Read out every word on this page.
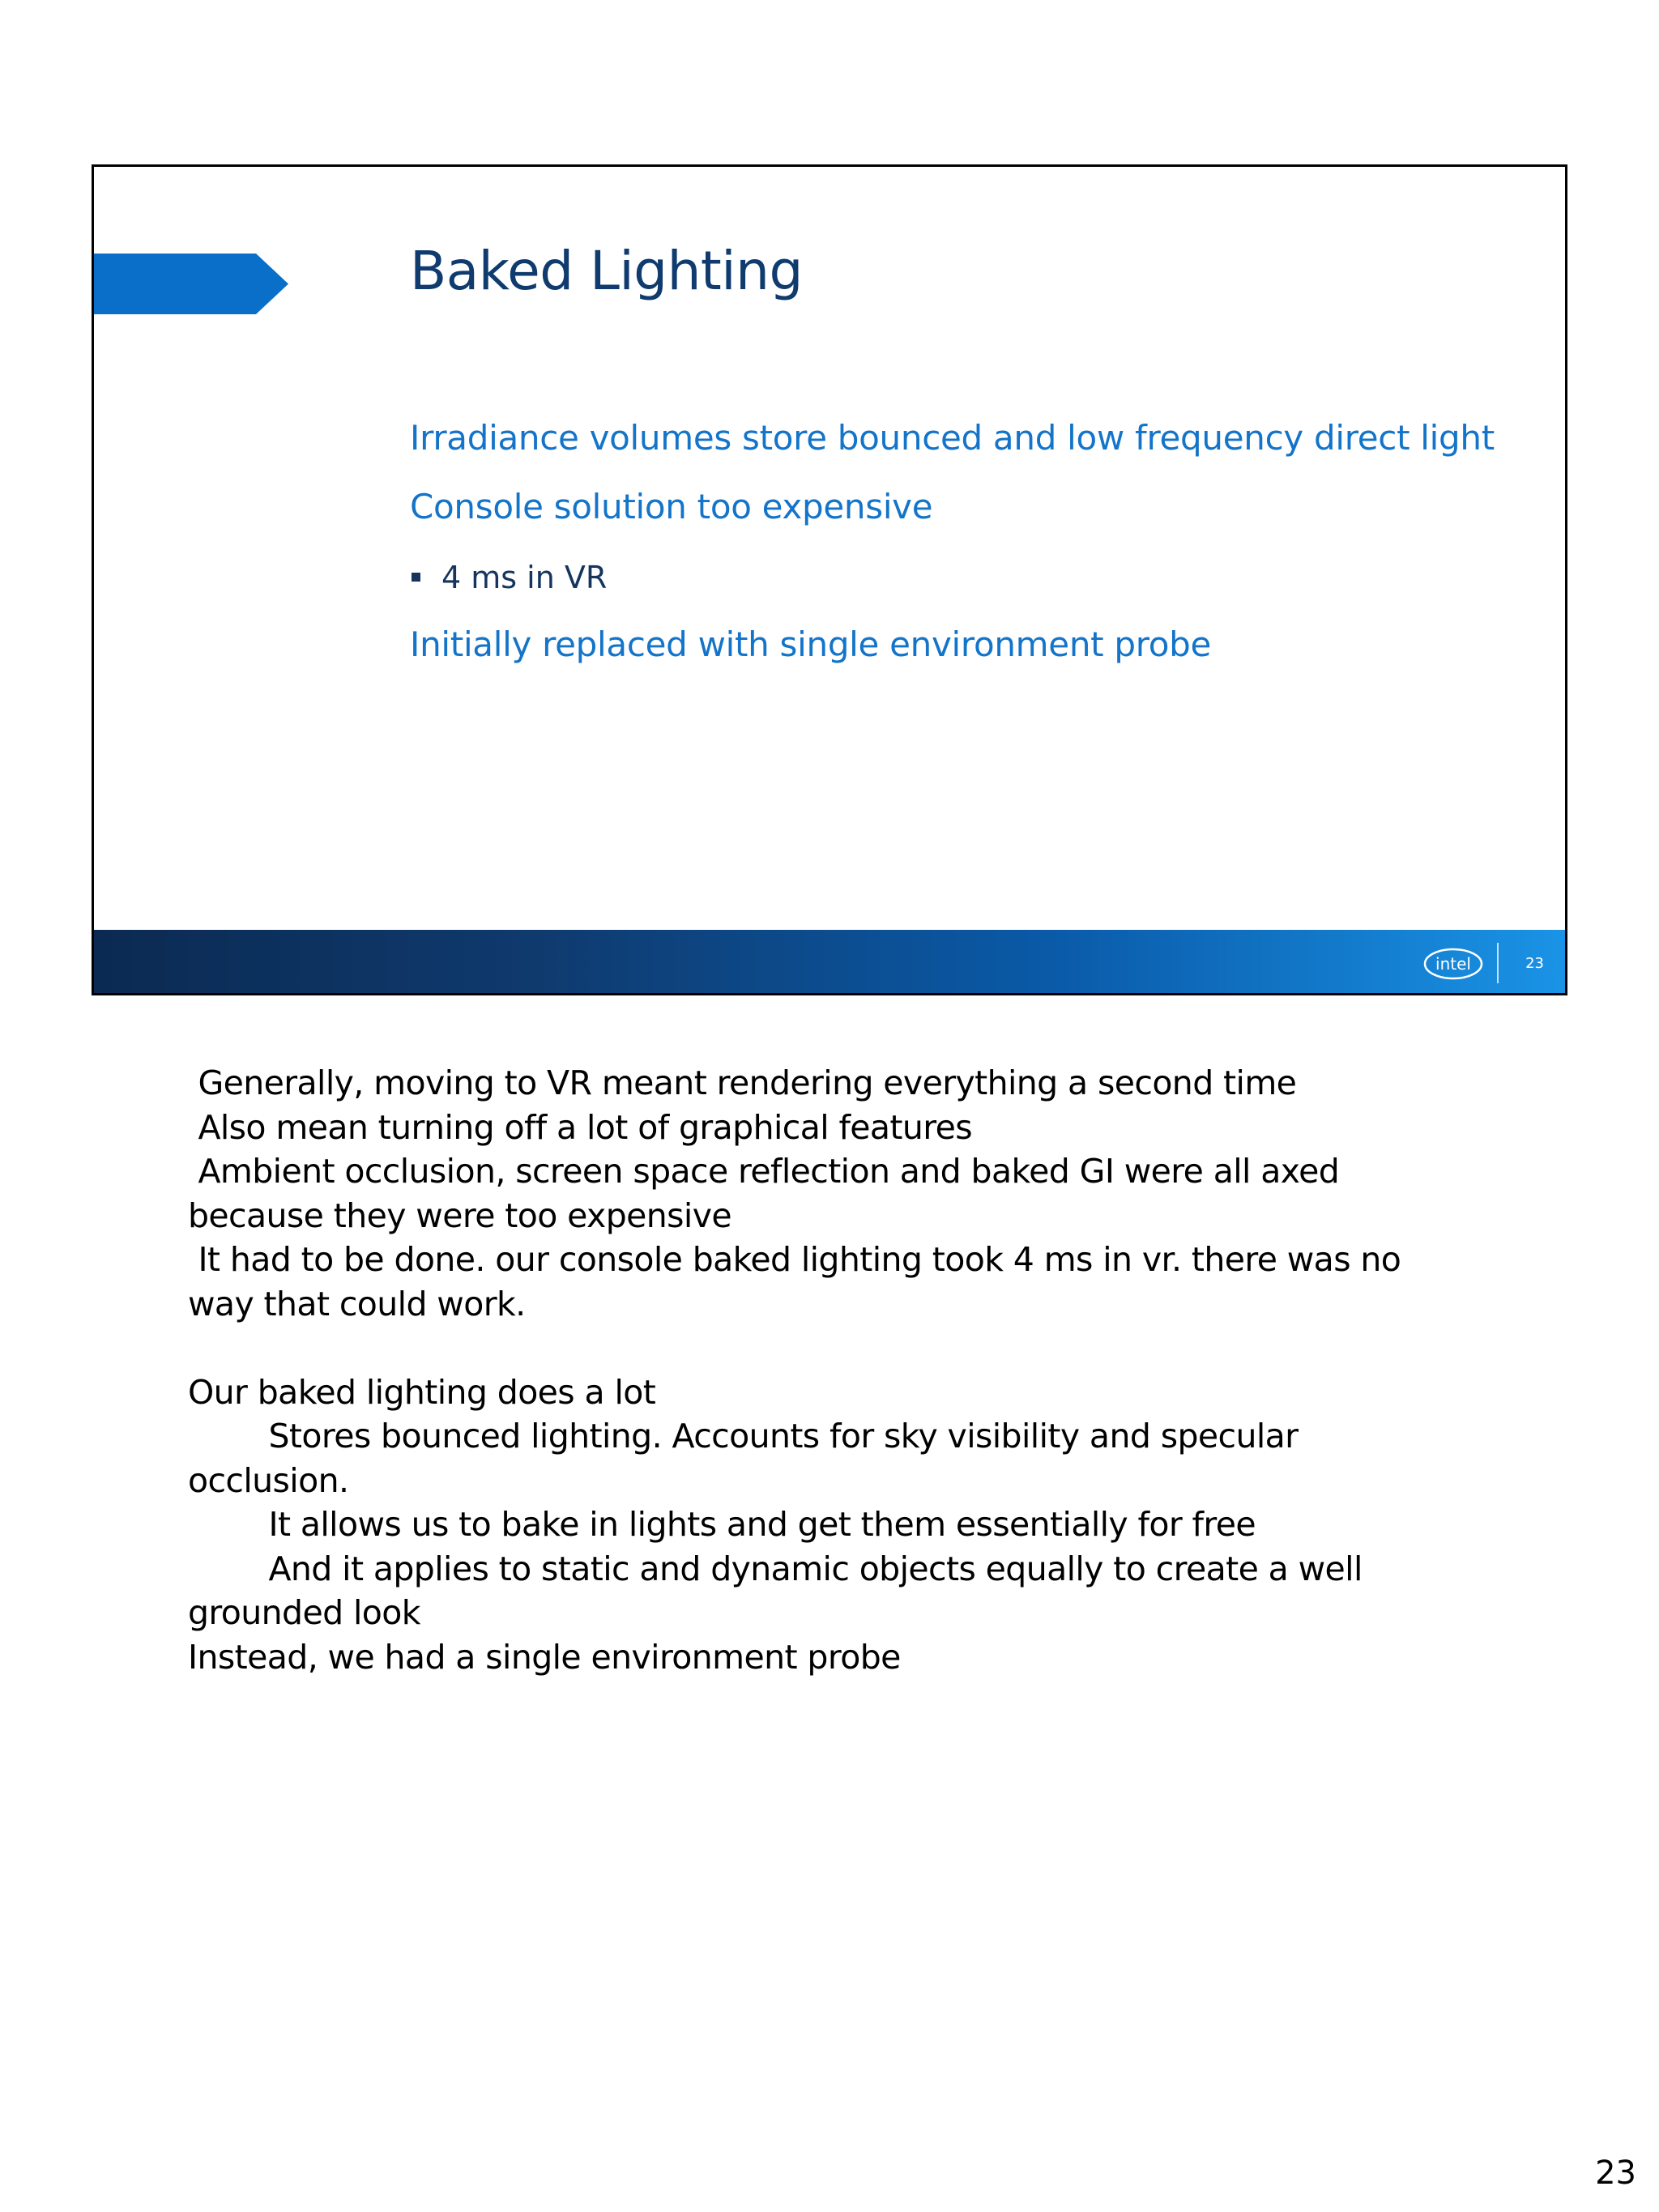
Baked Lighting
Irradiance volumes store bounced and low frequency direct light
Console solution too expensive
4 ms in VR
Initially replaced with single environment probe
intel	23
Generally, moving to VR meant rendering everything a second time
Also mean turning off a lot of graphical features
Ambient occlusion, screen space reflection and baked GI were all axed
because they were too expensive
It had to be done. our console baked lighting took 4 ms in vr. there was no
way that could work.

Our baked lighting does a lot
	Stores bounced lighting. Accounts for sky visibility and specular
occlusion.
	It allows us to bake in lights and get them essentially for free
	And it applies to static and dynamic objects equally to create a well
grounded look
Instead, we had a single environment probe
23
